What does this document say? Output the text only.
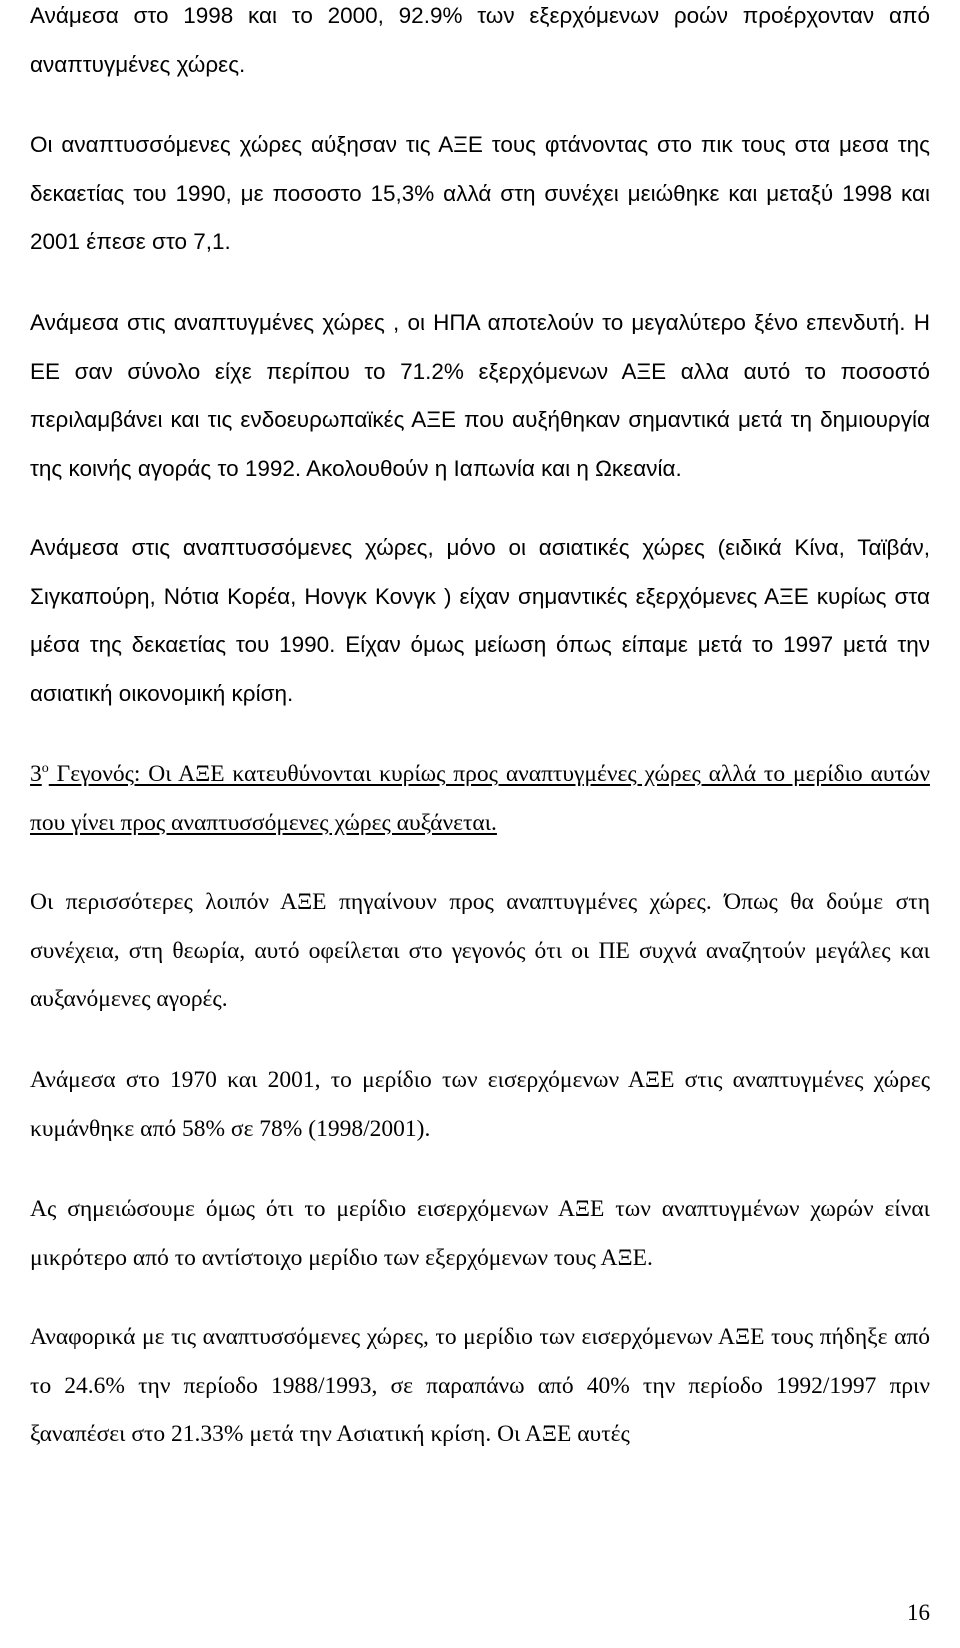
Ανάμεσα στο 1998 και το 2000, 92.9% των εξερχόμενων ροών προέρχονταν από αναπτυγμένες χώρες.

Οι αναπτυσσόμενες χώρες αύξησαν τις ΑΞΕ τους φτάνοντας στο πικ τους στα μεσα της δεκαετίας του 1990, με ποσοστο 15,3% αλλά στη συνέχει μειώθηκε και μεταξύ 1998 και 2001 έπεσε στο 7,1.

Ανάμεσα στις αναπτυγμένες χώρες , οι ΗΠΑ αποτελούν το μεγαλύτερο ξένο επενδυτή. Η ΕΕ σαν σύνολο είχε περίπου το 71.2% εξερχόμενων ΑΞΕ αλλα αυτό το ποσοστό περιλαμβάνει και τις ενδοευρωπαϊκές ΑΞΕ που αυξήθηκαν σημαντικά μετά τη δημιουργία της κοινής αγοράς το 1992. Ακολουθούν η Ιαπωνία και η Ωκεανία.

Ανάμεσα στις αναπτυσσόμενες χώρες, μόνο οι ασιατικές χώρες (ειδικά Κίνα, Ταϊβάν, Σιγκαπούρη, Νότια Κορέα, Ηονγκ Κονγκ ) είχαν σημαντικές εξερχόμενες ΑΞΕ κυρίως στα μέσα της δεκαετίας του 1990. Είχαν όμως μείωση όπως είπαμε μετά το 1997 μετά την ασιατική οικονομική κρίση.

$3^o$ Γεγονός: Οι ΑΞΕ κατευθύνονται κυρίως προς αναπτυγμένες χώρες αλλά το μερίδιο αυτών που γίνει προς αναπτυσσόμενες χώρες αυξάνεται.

Οι περισσότερες λοιπόν ΑΞΕ πηγαίνουν προς αναπτυγμένες χώρες. Όπως θα δούμε στη συνέχεια, στη θεωρία, αυτό οφείλεται στο γεγονός ότι οι ΠΕ συχνά αναζητούν μεγάλες και αυξανόμενες αγορές.

Ανάμεσα στο 1970 και 2001, το μερίδιο των εισερχόμενων ΑΞΕ στις αναπτυγμένες χώρες κυμάνθηκε από 58% σε 78% (1998/2001).

Ας σημειώσουμε όμως ότι το μερίδιο εισερχόμενων ΑΞΕ των αναπτυγμένων χωρών είναι μικρότερο από το αντίστοιχο μερίδιο των εξερχόμενων τους ΑΞΕ.

Αναφορικά με τις αναπτυσσόμενες χώρες, το μερίδιο των εισερχόμενων ΑΞΕ τους πήδηξε από το 24.6% την περίοδο 1988/1993, σε παραπάνω από 40% την περίοδο 1992/1997 πριν ξαναπέσει στο 21.33% μετά την Ασιατική κρίση. Οι ΑΞΕ αυτές

16
